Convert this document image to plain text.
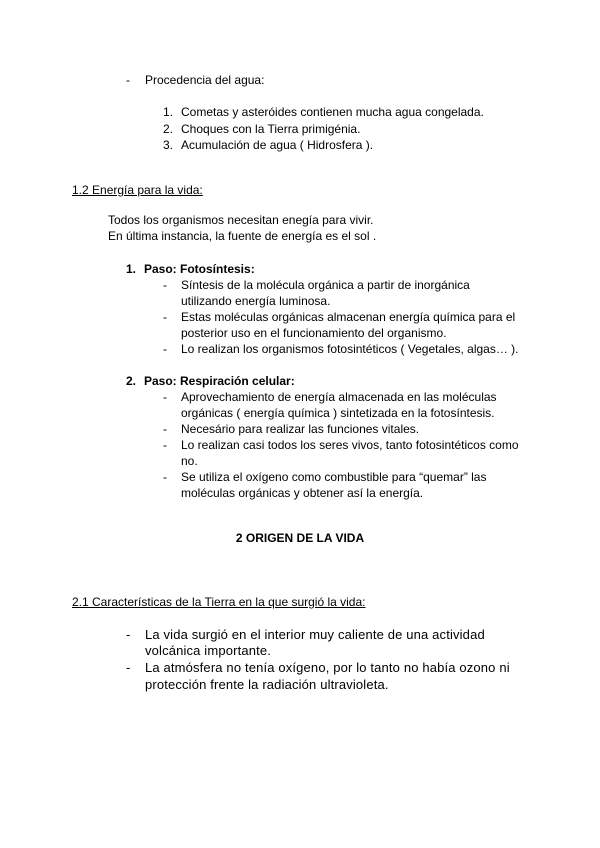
- Procedencia del agua:
1. Cometas y asteróides contienen mucha agua congelada.
2. Choques con la Tierra primigénia.
3. Acumulación de agua ( Hidrosfera ).
1.2 Energía para la vida:
Todos los organismos necesitan enegía para vivir.
En última instancia, la fuente de energía es el sol .
1. Paso: Fotosíntesis:
- Síntesis de la molécula orgánica a partir de inorgánica
utilizando energía luminosa.
- Estas moléculas orgánicas almacenan energía química para el
posterior uso en el funcionamiento del organismo.
- Lo realizan los organismos fotosintéticos ( Vegetales, algas… ).
2. Paso: Respiración celular:
- Aprovechamiento de energía almacenada en las moléculas
orgánicas ( energía química ) sintetizada en la fotosíntesis.
- Necesário para realizar las funciones vitales.
- Lo realizan casi todos los seres vivos, tanto fotosintéticos como
no.
- Se utiliza el oxígeno como combustible para “quemar” las
moléculas orgánicas y obtener así la energía.
2 ORIGEN DE LA VIDA
2.1 Características de la Tierra en la que surgió la vida:
- La vida surgió en el interior muy caliente de una actividad
volcánica importante.
- La atmósfera no tenía oxígeno, por lo tanto no había ozono ni
protección frente la radiación ultravioleta.
